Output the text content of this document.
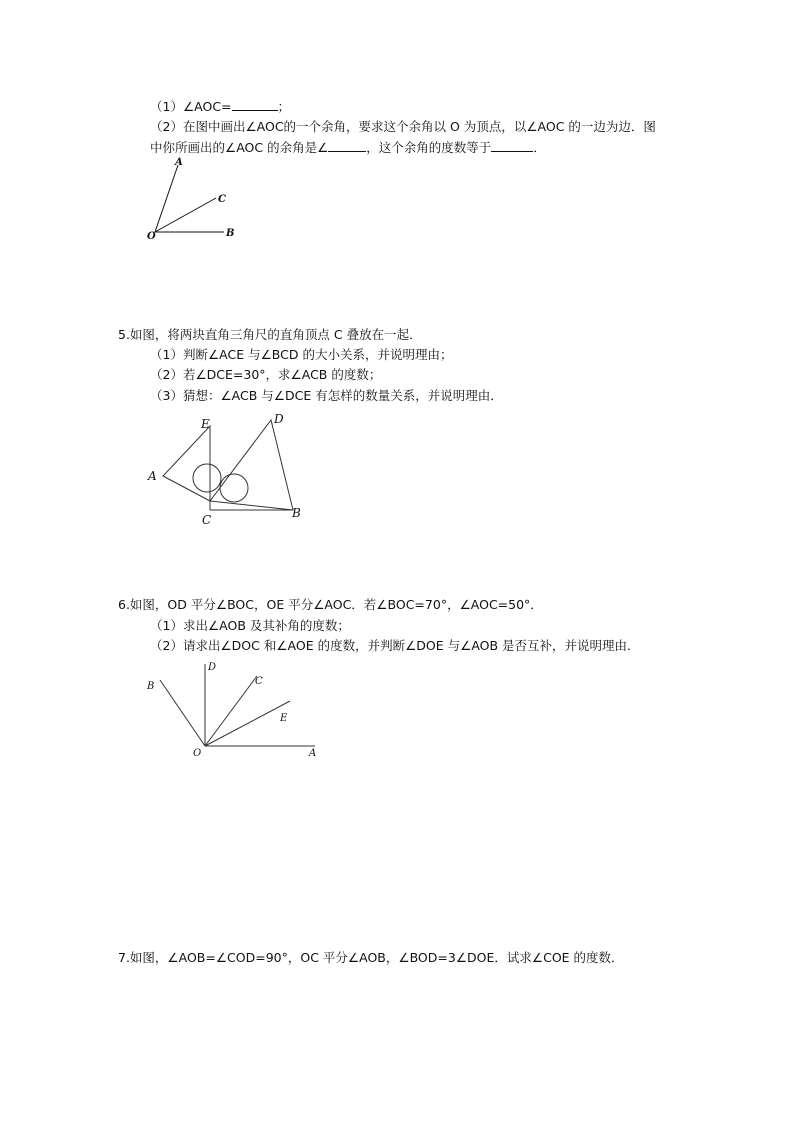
（1）∠AOC=	；
（2）在图中画出∠AOC的一个余角，要求这个余角以 O 为顶点，以∠AOC 的一边为边．图
中你所画出的∠AOC 的余角是∠	，这个余角的度数等于	．
A
C
O	B
5.如图，将两块直角三角尺的直角顶点 C 叠放在一起．
（1）判断∠ACE 与∠BCD 的大小关系，并说明理由；
（2）若∠DCE=30°，求∠ACB 的度数；
（3）猜想：∠ACB 与∠DCE 有怎样的数量关系，并说明理由．
E	D
A
C	B
6.如图，OD 平分∠BOC，OE 平分∠AOC．若∠BOC=70°，∠AOC=50°．
（1）求出∠AOB 及其补角的度数；
（2）请求出∠DOC 和∠AOE 的度数，并判断∠DOE 与∠AOB 是否互补，并说明理由．
B
D
C
E
O	A
7.如图，∠AOB=∠COD=90°，OC 平分∠AOB，∠BOD=3∠DOE．试求∠COE 的度数．
